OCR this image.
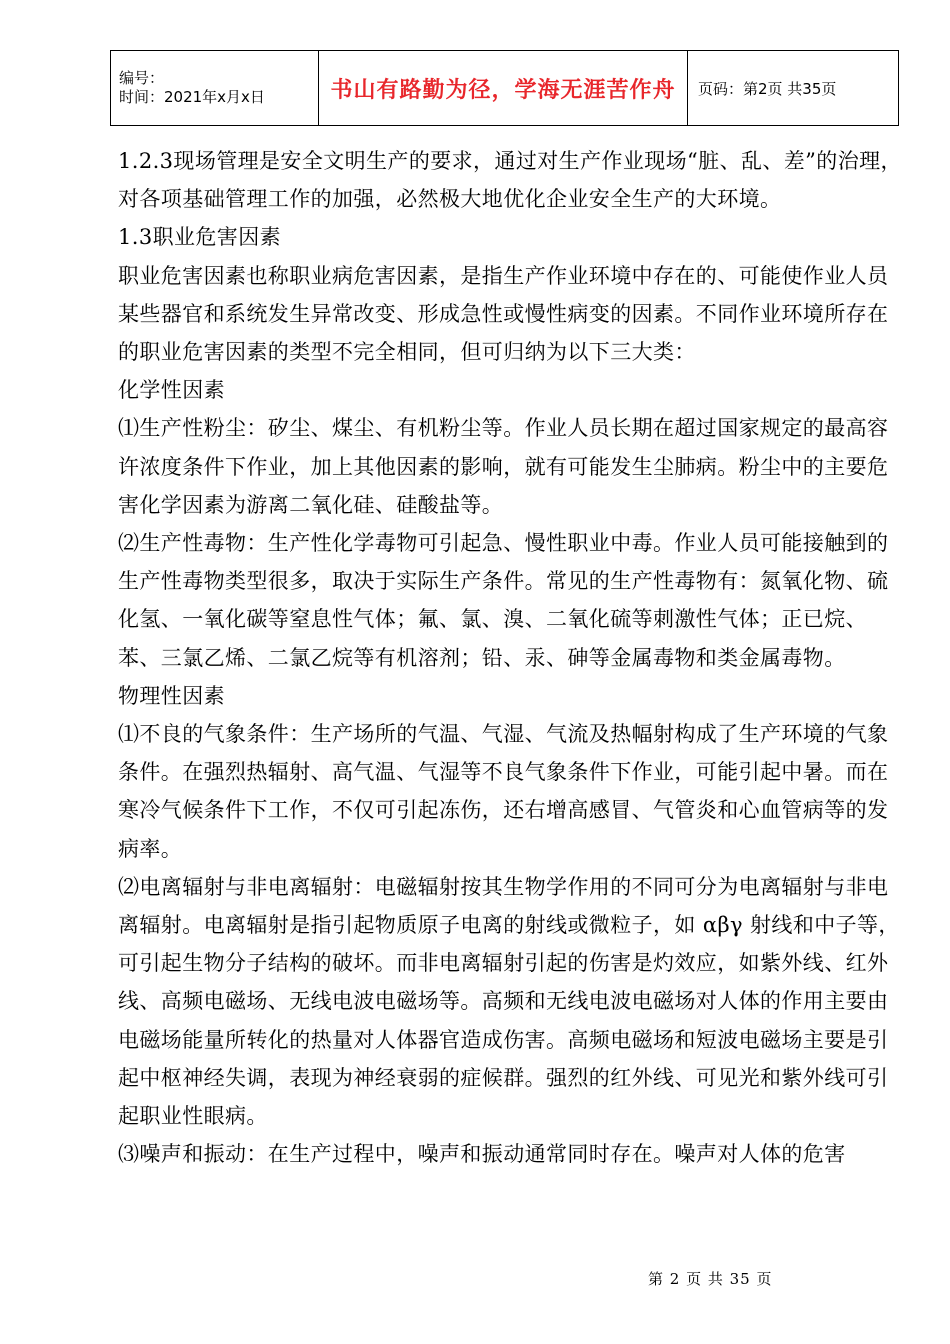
编号：
时间：2021年x月x日	书山有路勤为径，学海无涯苦作舟	页码：第2页 共35页

1.2.3现场管理是安全文明生产的要求，通过对生产作业现场“脏、乱、差”的治理，对各项基础管理工作的加强，必然极大地优化企业安全生产的大环境。

1.3职业危害因素

职业危害因素也称职业病危害因素，是指生产作业环境中存在的、可能使作业人员某些器官和系统发生异常改变、形成急性或慢性病变的因素。不同作业环境所存在的职业危害因素的类型不完全相同，但可归纳为以下三大类：

化学性因素

⑴生产性粉尘：矽尘、煤尘、有机粉尘等。作业人员长期在超过国家规定的最高容许浓度条件下作业，加上其他因素的影响，就有可能发生尘肺病。粉尘中的主要危害化学因素为游离二氧化硅、硅酸盐等。

⑵生产性毒物：生产性化学毒物可引起急、慢性职业中毒。作业人员可能接触到的生产性毒物类型很多，取决于实际生产条件。常见的生产性毒物有：氮氧化物、硫化氢、一氧化碳等窒息性气体；氟、氯、溴、二氧化硫等刺激性气体；正已烷、苯、三氯乙烯、二氯乙烷等有机溶剂；铅、汞、砷等金属毒物和类金属毒物。

物理性因素

⑴不良的气象条件：生产场所的气温、气湿、气流及热幅射构成了生产环境的气象条件。在强烈热辐射、高气温、气湿等不良气象条件下作业，可能引起中暑。而在寒冷气候条件下工作，不仅可引起冻伤，还右增高感冒、气管炎和心血管病等的发病率。

⑵电离辐射与非电离辐射：电磁辐射按其生物学作用的不同可分为电离辐射与非电离辐射。电离辐射是指引起物质原子电离的射线或微粒子，如 αβγ 射线和中子等，可引起生物分子结构的破坏。而非电离辐射引起的伤害是灼效应，如紫外线、红外线、高频电磁场、无线电波电磁场等。高频和无线电波电磁场对人体的作用主要由电磁场能量所转化的热量对人体器官造成伤害。高频电磁场和短波电磁场主要是引起中枢神经失调，表现为神经衰弱的症候群。强烈的红外线、可见光和紫外线可引起职业性眼病。

⑶噪声和振动：在生产过程中，噪声和振动通常同时存在。噪声对人体的危害

第 2 页 共 35 页
